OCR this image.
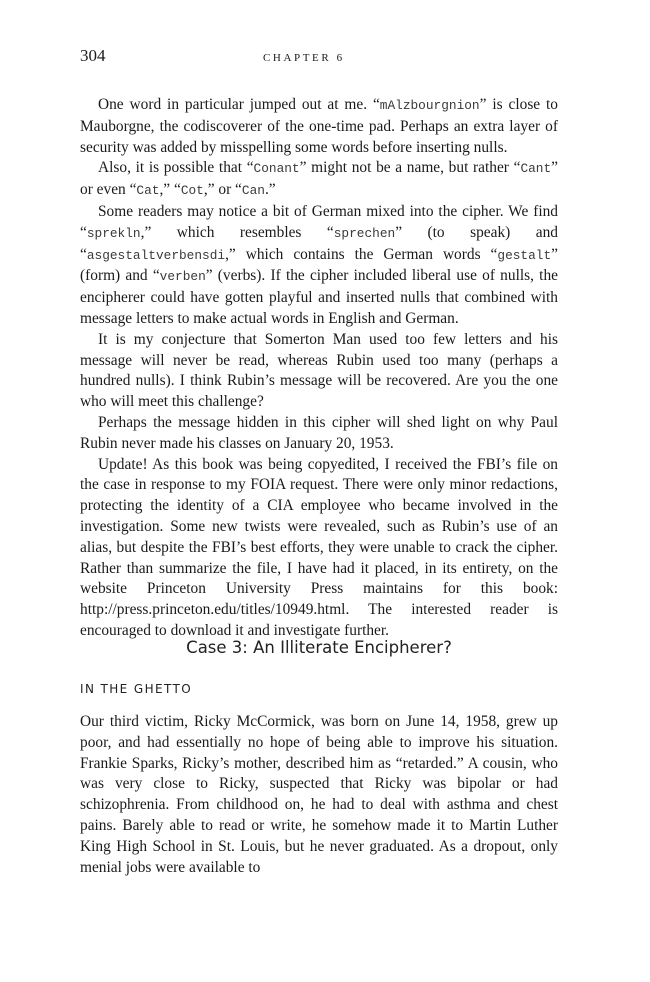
304	CHAPTER 6

One word in particular jumped out at me. “mAlzbourgnion” is close to Mauborgne, the codiscoverer of the one-time pad. Perhaps an extra layer of security was added by misspelling some words before inserting nulls.

Also, it is possible that “Conant” might not be a name, but rather “Cant” or even “Cat,” “Cot,” or “Can.”

Some readers may notice a bit of German mixed into the cipher. We find “sprekln,” which resembles “sprechen” (to speak) and “asgestaltverbensdi,” which contains the German words “gestalt” (form) and “verben” (verbs). If the cipher included liberal use of nulls, the encipherer could have gotten playful and inserted nulls that combined with message letters to make actual words in English and German.

It is my conjecture that Somerton Man used too few letters and his message will never be read, whereas Rubin used too many (perhaps a hundred nulls). I think Rubin’s message will be recovered. Are you the one who will meet this challenge?

Perhaps the message hidden in this cipher will shed light on why Paul Rubin never made his classes on January 20, 1953.

Update! As this book was being copyedited, I received the FBI’s file on the case in response to my FOIA request. There were only minor redactions, protecting the identity of a CIA employee who became involved in the investigation. Some new twists were revealed, such as Rubin’s use of an alias, but despite the FBI’s best efforts, they were unable to crack the cipher. Rather than summarize the file, I have had it placed, in its entirety, on the website Princeton University Press maintains for this book: http://press.princeton.edu/titles/10949.html. The interested reader is encouraged to download it and investigate further.

Case 3: An Illiterate Encipherer?
IN THE GHETTO

Our third victim, Ricky McCormick, was born on June 14, 1958, grew up poor, and had essentially no hope of being able to improve his situation. Frankie Sparks, Ricky’s mother, described him as “retarded.” A cousin, who was very close to Ricky, suspected that Ricky was bipolar or had schizophrenia. From childhood on, he had to deal with asthma and chest pains. Barely able to read or write, he somehow made it to Martin Luther King High School in St. Louis, but he never graduated. As a dropout, only menial jobs were available to
